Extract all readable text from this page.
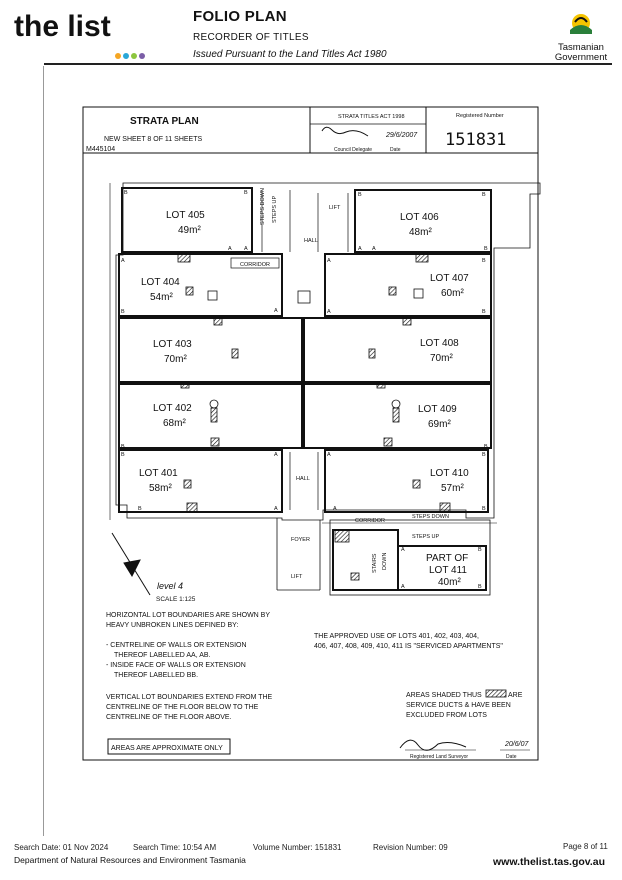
the list	FOLIO PLAN
RECORDER OF TITLES
Issued Pursuant to the Land Titles Act 1980
Tasmanian
Government
STRATA PLAN	STRATA TITLES ACT 1998	Registered Number
151831
NEW SHEET 8 OF 11 SHEETS
M445104
29/6/2007
Council Delegate	Date
LOT 405
49m²
LOT 406
48m²
LOT 404
54m²
LOT 407
60m²
LOT 403
70m²
LOT 408
70m²
LOT 402
68m²
LOT 409
69m²
LOT 401
58m²
LOT 410
57m²
PART OF
LOT 411
40m²
HALL
LIFT
CORRIDOR
HALL
CORRIDOR
STEPS DOWN
STEPS UP
FOYER
LIFT
STAIRS DOWN
STEPS DOWN STEPS UP
B	B
A A
B	B
B
A A
A
A
B
A	B
B
A
B	B
B	B
B	A
A
B
A	B
B
A
A	B
A	B
level 4
SCALE 1:125
HORIZONTAL LOT BOUNDARIES ARE SHOWN BY
HEAVY UNBROKEN LINES DEFINED BY:
- CENTRELINE OF WALLS OR EXTENSION
THEREOF LABELLED AA, AB.
- INSIDE FACE OF WALLS OR EXTENSION
THEREOF LABELLED BB.
VERTICAL LOT BOUNDARIES EXTEND FROM THE
CENTRELINE OF THE FLOOR BELOW TO THE
CENTRELINE OF THE FLOOR ABOVE.
THE APPROVED USE OF LOTS 401, 402, 403, 404,
406, 407, 408, 409, 410, 411 IS "SERVICED APARTMENTS"
AREAS SHADED THUS	ARE
SERVICE DUCTS & HAVE BEEN
EXCLUDED FROM LOTS
AREAS ARE APPROXIMATE ONLY
20/6/07
Registered Land Surveyor	Date
Search Date: 01 Nov 2024	Search Time: 10:54 AM	Volume Number: 151831	Revision Number: 09	Page 8 of 11
Department of Natural Resources and Environment Tasmania	www.thelist.tas.gov.au
